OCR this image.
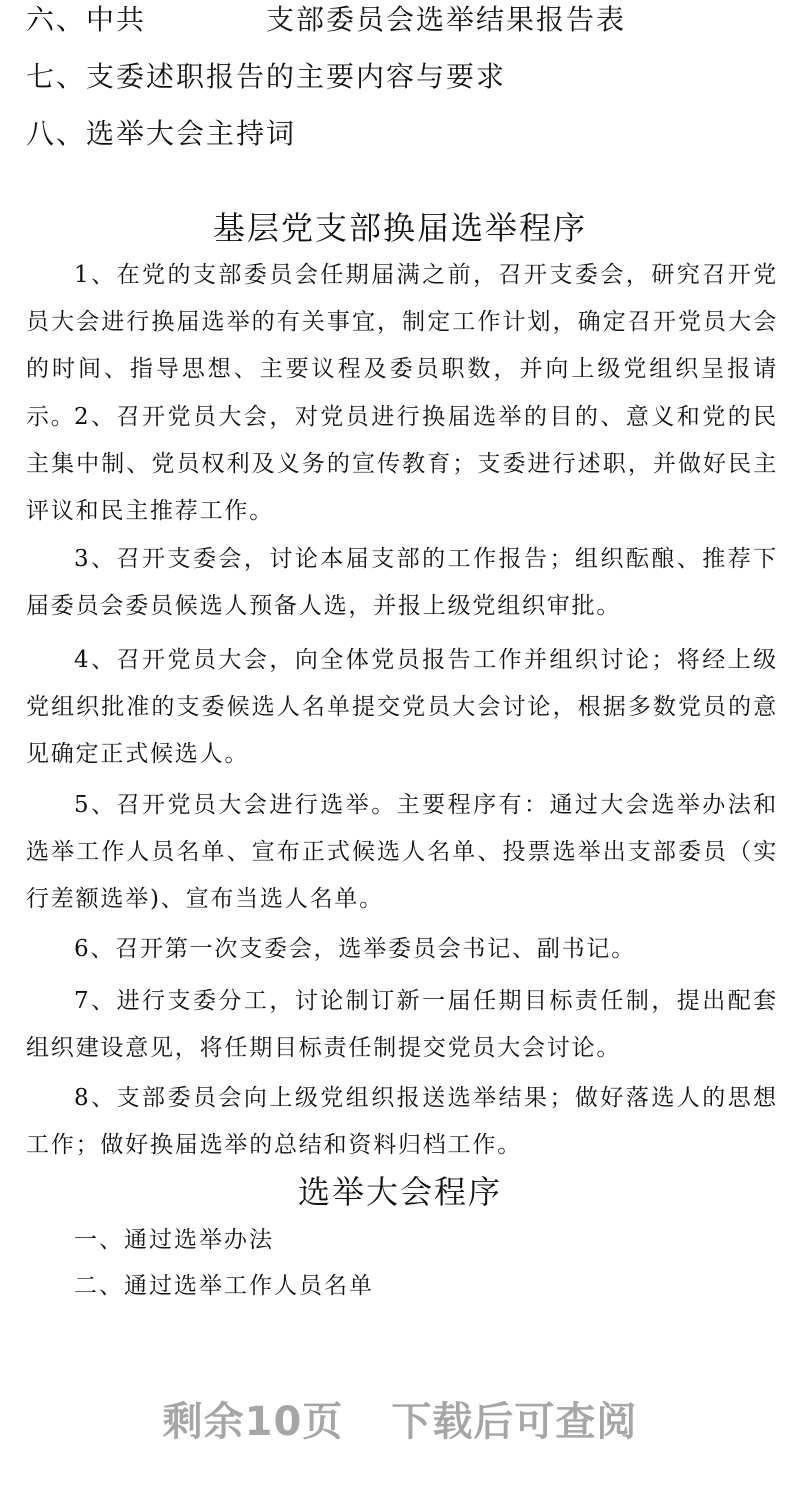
六、中共	支部委员会选举结果报告表
七、支委述职报告的主要内容与要求
八、选举大会主持词
基层党支部换届选举程序

1、在党的支部委员会任期届满之前，召开支委会，研究召开党员大会进行换届选举的有关事宜，制定工作计划，确定召开党员大会的时间、指导思想、主要议程及委员职数，并向上级党组织呈报请示。

2、召开党员大会，对党员进行换届选举的目的、意义和党的民主集中制、党员权利及义务的宣传教育；支委进行述职，并做好民主评议和民主推荐工作。

3、召开支委会，讨论本届支部的工作报告；组织酝酿、推荐下届委员会委员候选人预备人选，并报上级党组织审批。

4、召开党员大会，向全体党员报告工作并组织讨论；将经上级党组织批准的支委候选人名单提交党员大会讨论，根据多数党员的意见确定正式候选人。

5、召开党员大会进行选举。主要程序有：通过大会选举办法和选举工作人员名单、宣布正式候选人名单、投票选举出支部委员（实行差额选举)、宣布当选人名单。

6、召开第一次支委会，选举委员会书记、副书记。

7、进行支委分工，讨论制订新一届任期目标责任制，提出配套组织建设意见，将任期目标责任制提交党员大会讨论。

8、支部委员会向上级党组织报送选举结果；做好落选人的思想工作；做好换届选举的总结和资料归档工作。

选举大会程序
一、通过选举办法
二、通过选举工作人员名单
剩余10页 下载后可查阅
